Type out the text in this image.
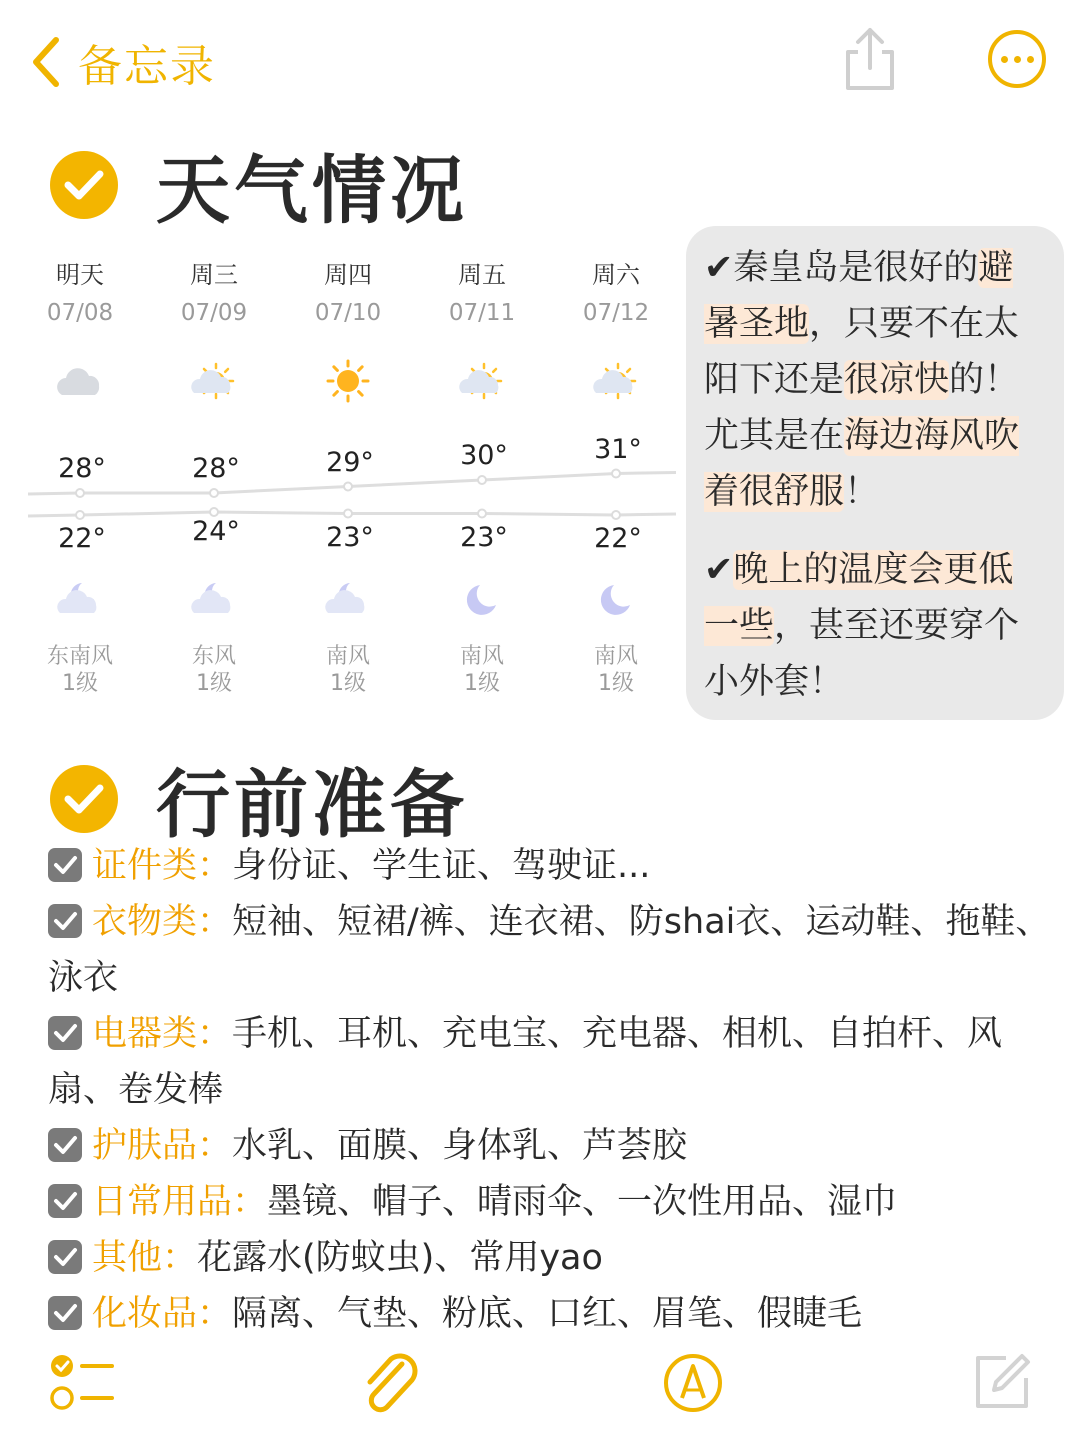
备忘录
天气情况
明天
07/08
东南风
1级
周三
07/09
东风
1级
周四
07/10
南风
1级
周五
07/11
南风
1级
周六
07/12
南风
1级
28°
22°
28°
24°
29°
23°
30°
23°
31°
22°

✔秦皇岛是很好的避暑圣地，只要不在太阳下还是很凉快的！尤其是在海边海风吹着很舒服！

✔晚上的温度会更低一些，甚至还要穿个小外套！

行前准备

证件类：身份证、学生证、驾驶证...

衣物类：短袖、短裙/裤、连衣裙、防shai衣、运动鞋、拖鞋、泳衣

电器类：手机、耳机、充电宝、充电器、相机、自拍杆、风扇、卷发棒

护肤品：水乳、面膜、身体乳、芦荟胶

日常用品：墨镜、帽子、晴雨伞、一次性用品、湿巾

其他：花露水(防蚊虫)、常用yao

化妆品：隔离、气垫、粉底、口红、眉笔、假睫毛
